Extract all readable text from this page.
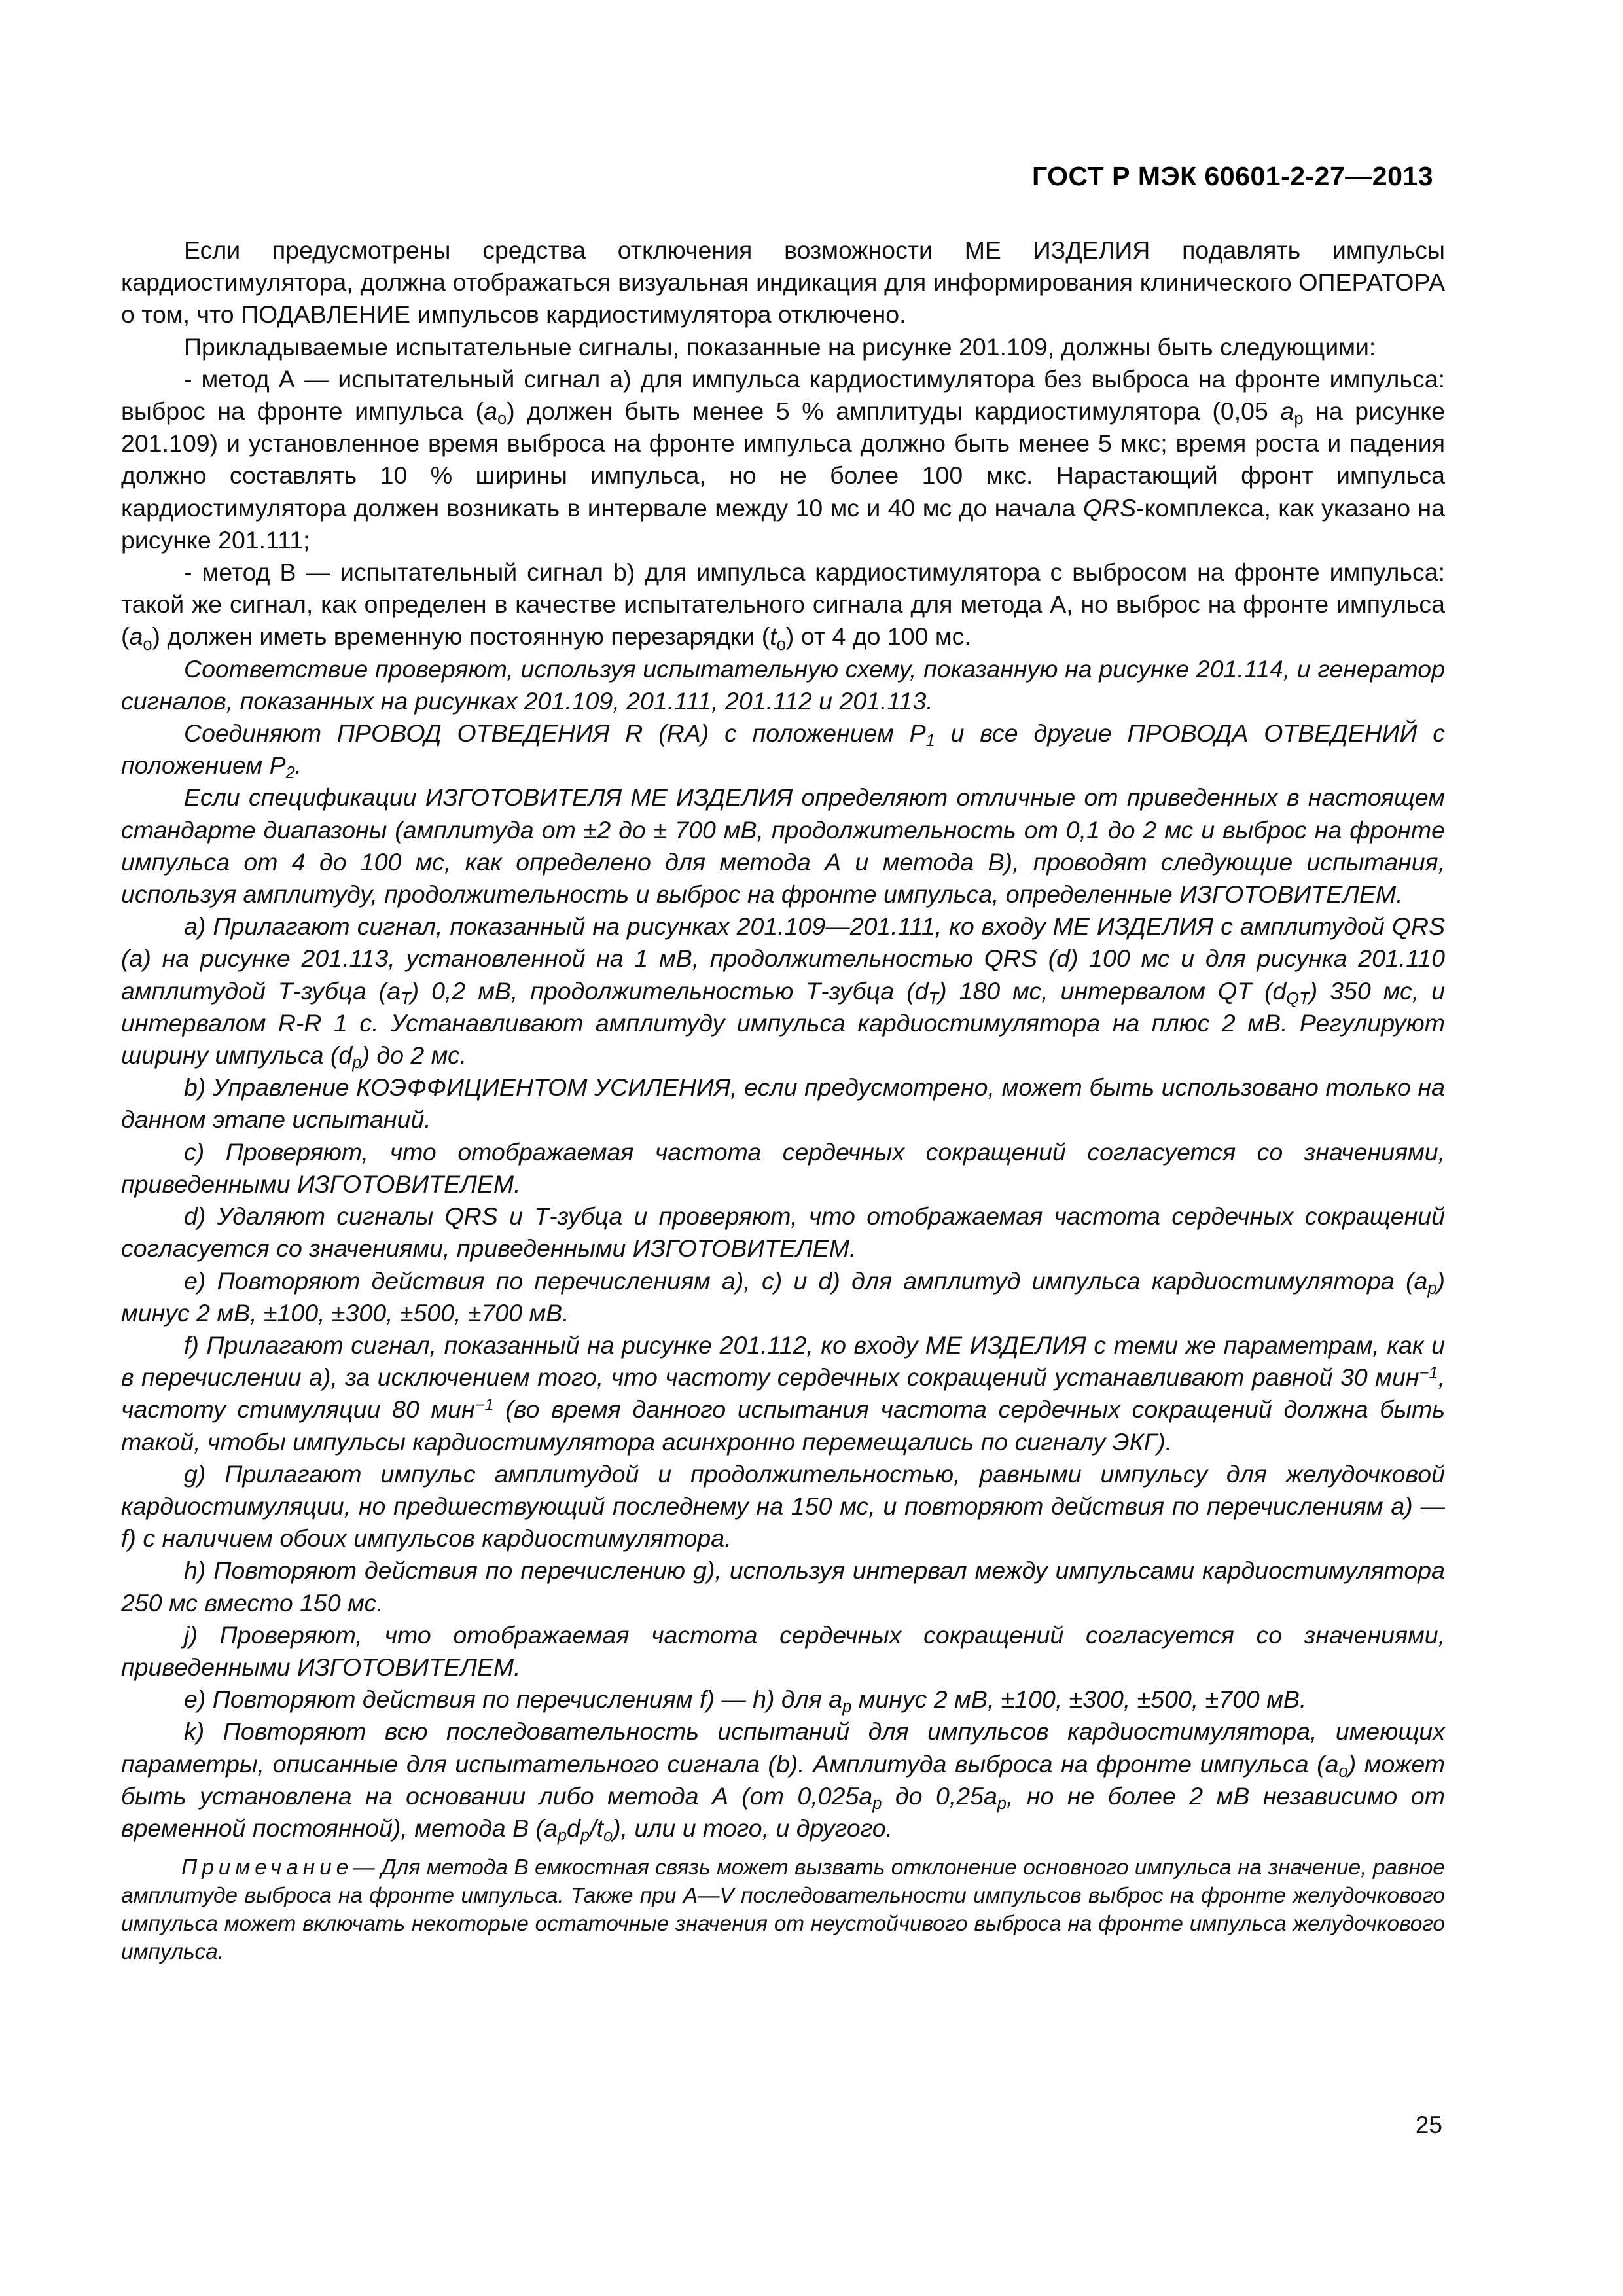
ГОСТ Р МЭК 60601-2-27—2013

Если предусмотрены средства отключения возможности МЕ ИЗДЕЛИЯ подавлять импульсы кардиостимулятора, должна отображаться визуальная индикация для информирования клинического ОПЕРАТОРА о том, что ПОДАВЛЕНИЕ импульсов кардиостимулятора отключено.

Прикладываемые испытательные сигналы, показанные на рисунке 201.109, должны быть следующими:

- метод А — испытательный сигнал а) для импульса кардиостимулятора без выброса на фронте импульса: выброс на фронте импульса $(a_o)$ должен быть менее 5 % амплитуды кардиостимулятора (0,05 $a_p$ на рисунке 201.109) и установленное время выброса на фронте импульса должно быть менее 5 мкс; время роста и падения должно составлять 10 % ширины импульса, но не более 100 мкс. Нарастающий фронт импульса кардиостимулятора должен возникать в интервале между 10 мс и 40 мс до начала QRS-комплекса, как указано на рисунке 201.111;

- метод В — испытательный сигнал b) для импульса кардиостимулятора с выбросом на фронте импульса: такой же сигнал, как определен в качестве испытательного сигнала для метода А, но выброс на фронте импульса $(a_o)$ должен иметь временную постоянную перезарядки $(t_o)$ от 4 до 100 мс.

Соответствие проверяют, используя испытательную схему, показанную на рисунке 201.114, и генератор сигналов, показанных на рисунках 201.109, 201.111, 201.112 и 201.113.

Соединяют ПРОВОД ОТВЕДЕНИЯ R (RA) с положением $P_1$ и все другие ПРОВОДА ОТВЕДЕНИЙ с положением $P_2$.

Если спецификации ИЗГОТОВИТЕЛЯ МЕ ИЗДЕЛИЯ определяют отличные от приведенных в настоящем стандарте диапазоны (амплитуда от ±2 до ± 700 мВ, продолжительность от 0,1 до 2 мс и выброс на фронте импульса от 4 до 100 мс, как определено для метода А и метода В), проводят следующие испытания, используя амплитуду, продолжительность и выброс на фронте импульса, определенные ИЗГОТОВИТЕЛЕМ.

a) Прилагают сигнал, показанный на рисунках 201.109—201.111, ко входу МЕ ИЗДЕЛИЯ с амплитудой QRS (a) на рисунке 201.113, установленной на 1 мВ, продолжительностью QRS (d) 100 мс и для рисунка 201.110 амплитудой Т-зубца $(a_T)$ 0,2 мВ, продолжительностью Т-зубца $(d_T)$ 180 мс, интервалом QT $(d_{QT})$ 350 мс, и интервалом R-R 1 с. Устанавливают амплитуду импульса кардиостимулятора на плюс 2 мВ. Регулируют ширину импульса $(d_p)$ до 2 мс.

b) Управление КОЭФФИЦИЕНТОМ УСИЛЕНИЯ, если предусмотрено, может быть использовано только на данном этапе испытаний.

c) Проверяют, что отображаемая частота сердечных сокращений согласуется со значениями, приведенными ИЗГОТОВИТЕЛЕМ.

d) Удаляют сигналы QRS и Т-зубца и проверяют, что отображаемая частота сердечных сокращений согласуется со значениями, приведенными ИЗГОТОВИТЕЛЕМ.

e) Повторяют действия по перечислениям а), c) и d) для амплитуд импульса кардиостимулятора $(a_p)$ минус 2 мВ, ±100, ±300, ±500, ±700 мВ.

f) Прилагают сигнал, показанный на рисунке 201.112, ко входу МЕ ИЗДЕЛИЯ с теми же параметрам, как и в перечислении а), за исключением того, что частоту сердечных сокращений устанавливают равной 30 мин$^{-1}$, частоту стимуляции 80 мин$^{-1}$ (во время данного испытания частота сердечных сокращений должна быть такой, чтобы импульсы кардиостимулятора асинхронно перемещались по сигналу ЭКГ).

g) Прилагают импульс амплитудой и продолжительностью, равными импульсу для желудочковой кардиостимуляции, но предшествующий последнему на 150 мс, и повторяют действия по перечислениям а) — f) с наличием обоих импульсов кардиостимулятора.

h) Повторяют действия по перечислению g), используя интервал между импульсами кардиостимулятора 250 мс вместо 150 мс.

j) Проверяют, что отображаемая частота сердечных сокращений согласуется со значениями, приведенными ИЗГОТОВИТЕЛЕМ.

e) Повторяют действия по перечислениям f) — h) для $а_p$ минус 2 мВ, ±100, ±300, ±500, ±700 мВ.

k) Повторяют всю последовательность испытаний для импульсов кардиостимулятора, имеющих параметры, описанные для испытательного сигнала (b). Амплитуда выброса на фронте импульса $(a_o)$ может быть установлена на основании либо метода А (от $0,025a_p$ до $0,25a_p$, но не более 2 мВ независимо от временной постоянной), метода В $(a_pd_p/t_o)$, или и того, и другого.

Примечание— Для метода В емкостная связь может вызвать отклонение основного импульса на значение, равное амплитуде выброса на фронте импульса. Также при А—V последовательности импульсов выброс на фронте желудочкового импульса может включать некоторые остаточные значения от неустойчивого выброса на фронте импульса желудочкового импульса.
25
